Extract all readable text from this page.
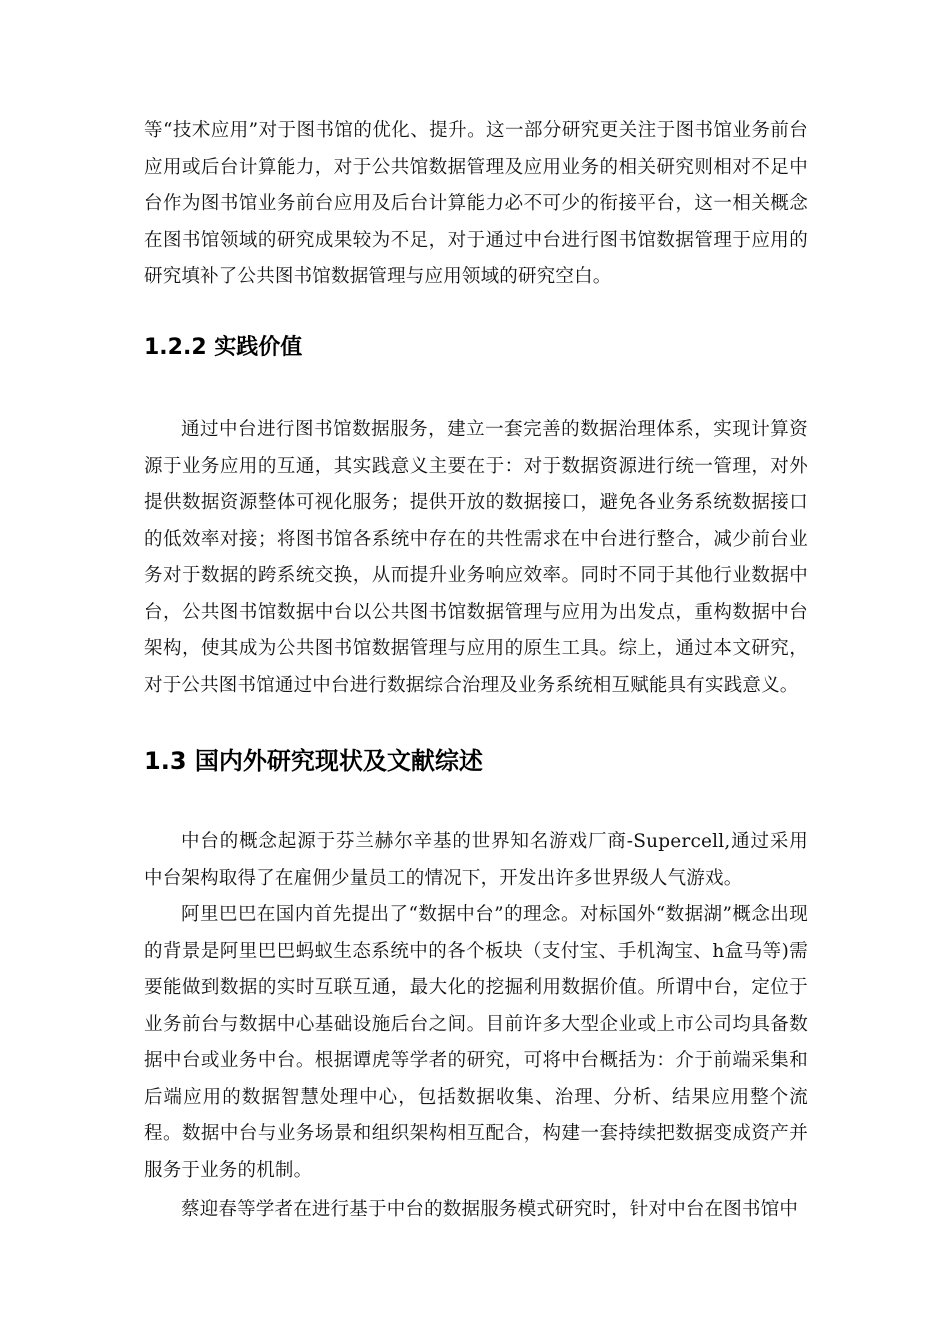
等“技术应用”对于图书馆的优化、提升。这一部分研究更关注于图书馆业务前台应用或后台计算能力，对于公共馆数据管理及应用业务的相关研究则相对不足中台作为图书馆业务前台应用及后台计算能力必不可少的衔接平台，这一相关概念在图书馆领域的研究成果较为不足，对于通过中台进行图书馆数据管理于应用的研究填补了公共图书馆数据管理与应用领域的研究空白。

1.2.2 实践价值

通过中台进行图书馆数据服务，建立一套完善的数据治理体系，实现计算资源于业务应用的互通，其实践意义主要在于：对于数据资源进行统一管理，对外提供数据资源整体可视化服务；提供开放的数据接口，避免各业务系统数据接口的低效率对接；将图书馆各系统中存在的共性需求在中台进行整合，减少前台业务对于数据的跨系统交换，从而提升业务响应效率。同时不同于其他行业数据中台，公共图书馆数据中台以公共图书馆数据管理与应用为出发点，重构数据中台架构，使其成为公共图书馆数据管理与应用的原生工具。综上，通过本文研究，对于公共图书馆通过中台进行数据综合治理及业务系统相互赋能具有实践意义。

1.3 国内外研究现状及文献综述

中台的概念起源于芬兰赫尔辛基的世界知名游戏厂商-Supercell,通过采用中台架构取得了在雇佣少量员工的情况下，开发出许多世界级人气游戏。

阿里巴巴在国内首先提出了“数据中台”的理念。对标国外“数据湖”概念出现的背景是阿里巴巴蚂蚁生态系统中的各个板块（支付宝、手机淘宝、h盒马等)需要能做到数据的实时互联互通，最大化的挖掘利用数据价值。所谓中台，定位于业务前台与数据中心基础设施后台之间。目前许多大型企业或上市公司均具备数据中台或业务中台。根据谭虎等学者的研究，可将中台概括为：介于前端采集和后端应用的数据智慧处理中心，包括数据收集、治理、分析、结果应用整个流程。数据中台与业务场景和组织架构相互配合，构建一套持续把数据变成资产并服务于业务的机制。

蔡迎春等学者在进行基于中台的数据服务模式研究时，针对中台在图书馆中
